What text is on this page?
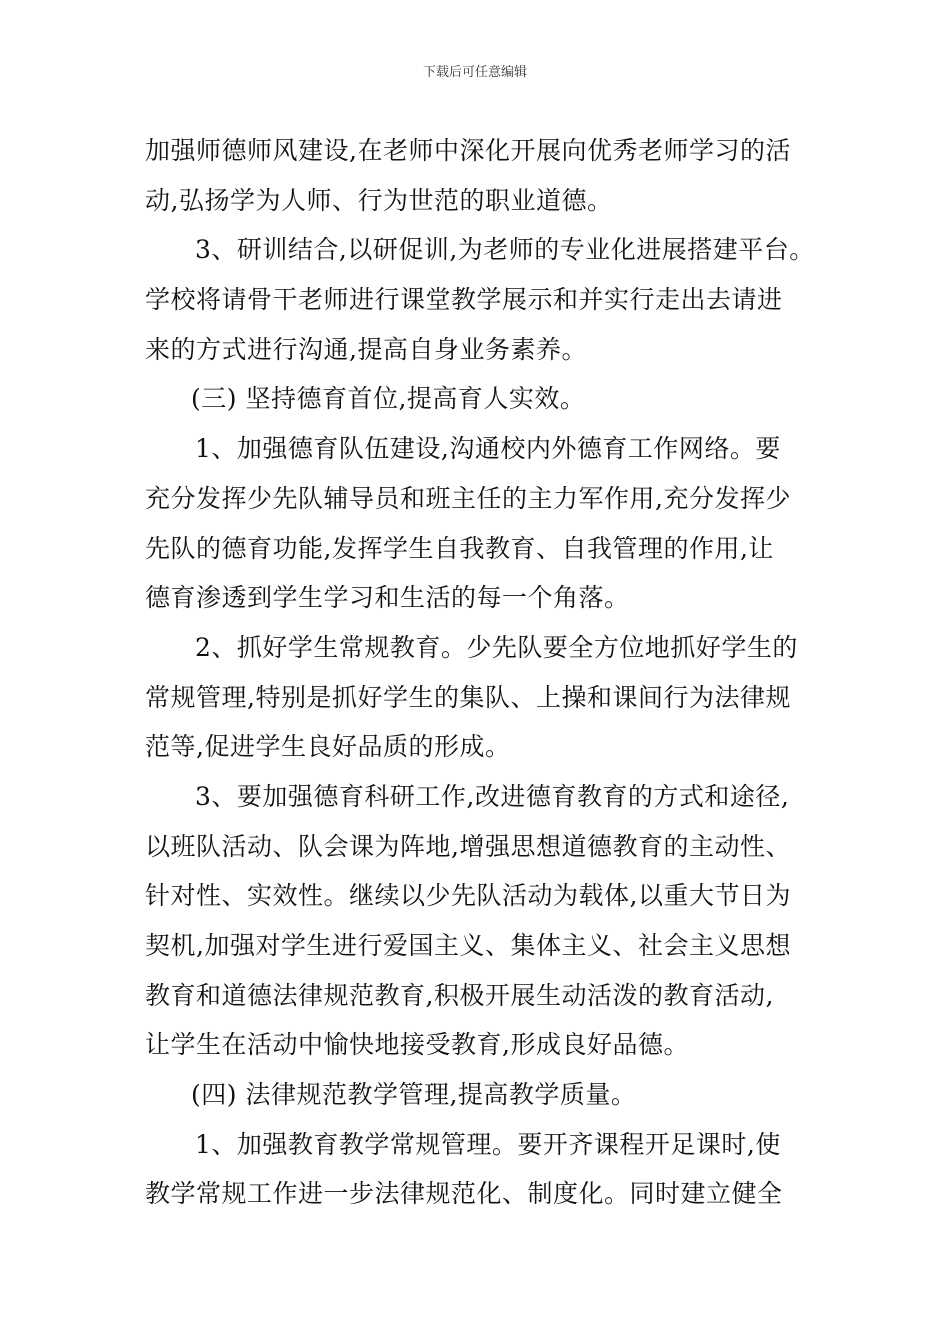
下载后可任意编辑
加强师德师风建设,在老师中深化开展向优秀老师学习的活
动,弘扬学为人师、行为世范的职业道德。
3、研训结合,以研促训,为老师的专业化进展搭建平台。
学校将请骨干老师进行课堂教学展示和并实行走出去请进
来的方式进行沟通,提高自身业务素养。
(三) 坚持德育首位,提高育人实效。
1、加强德育队伍建设,沟通校内外德育工作网络。要
充分发挥少先队辅导员和班主任的主力军作用,充分发挥少
先队的德育功能,发挥学生自我教育、自我管理的作用,让
德育渗透到学生学习和生活的每一个角落。
2、抓好学生常规教育。少先队要全方位地抓好学生的
常规管理,特别是抓好学生的集队、上操和课间行为法律规
范等,促进学生良好品质的形成。
3、要加强德育科研工作,改进德育教育的方式和途径,
以班队活动、队会课为阵地,增强思想道德教育的主动性、
针对性、实效性。继续以少先队活动为载体,以重大节日为
契机,加强对学生进行爱国主义、集体主义、社会主义思想
教育和道德法律规范教育,积极开展生动活泼的教育活动,
让学生在活动中愉快地接受教育,形成良好品德。
(四) 法律规范教学管理,提高教学质量。
1、加强教育教学常规管理。要开齐课程开足课时,使
教学常规工作进一步法律规范化、制度化。同时建立健全
